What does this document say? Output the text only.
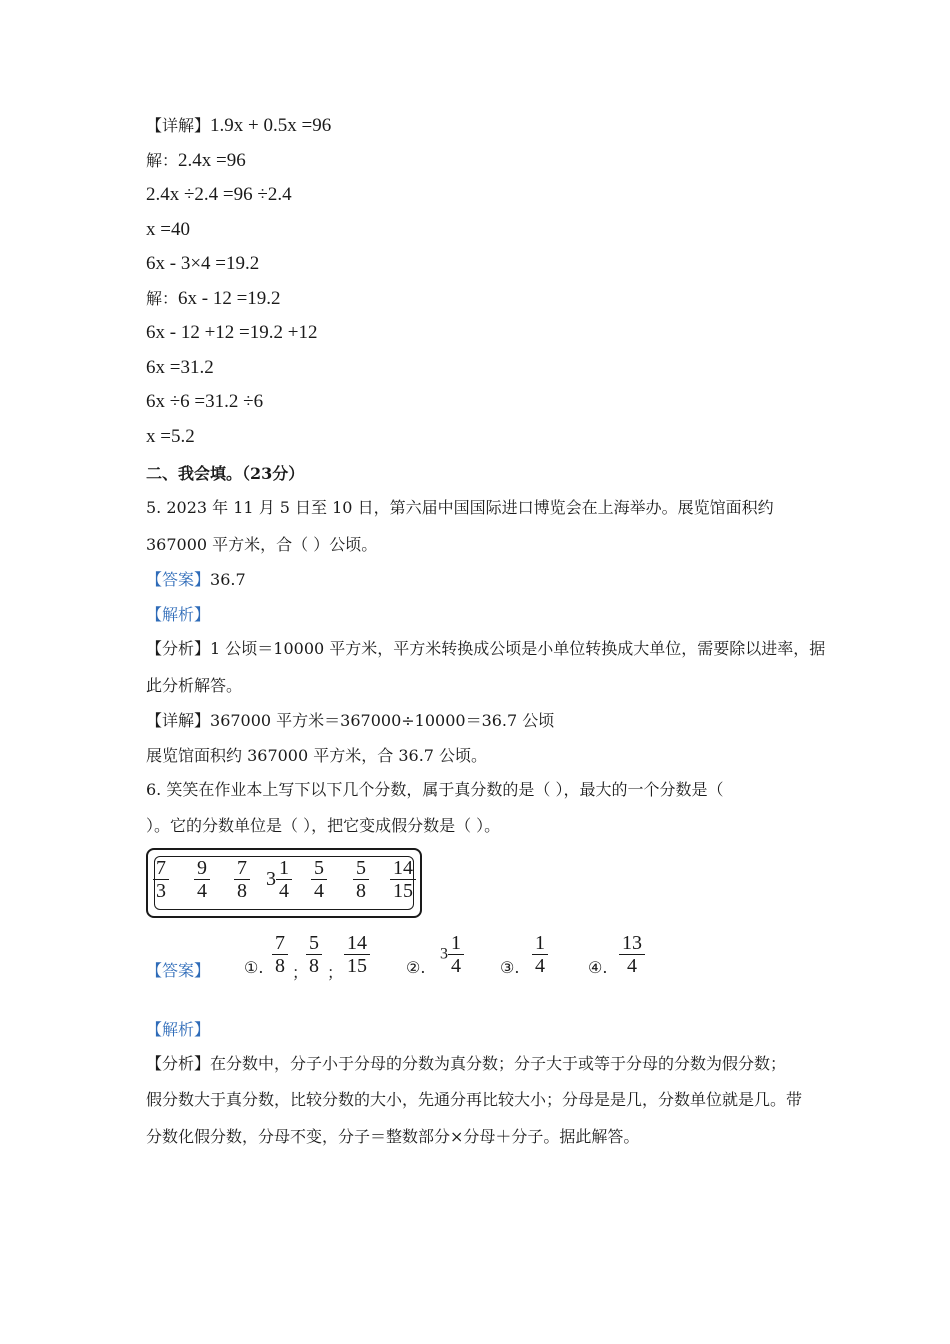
【详解】1.9x + 0.5x =96
解：2.4x =96
2.4x ÷2.4 =96 ÷2.4
x =40
6x - 3×4 =19.2
解：6x - 12 =19.2
6x - 12 +12 =19.2 +12
6x =31.2
6x ÷6 =31.2 ÷6
x =5.2
二、我会填。（23分）
5. 2023 年 11 月 5 日至 10 日，第六届中国国际进口博览会在上海举办。展览馆面积约
367000 平方米，合（ ）公顷。
【答案】36.7
【解析】
【分析】1 公顷＝10000 平方米，平方米转换成公顷是小单位转换成大单位，需要除以进率，据
此分析解答。
【详解】367000 平方米＝367000÷10000＝36.7 公顷
展览馆面积约 367000 平方米，合 36.7 公顷。
6. 笑笑在作业本上写下以下几个分数，属于真分数的是（ ），最大的一个分数是（
）。它的分数单位是（ ），把它变成假分数是（ ）。
$\frac{7}{3} \frac{9}{4} \frac{7}{8} 3 \frac{1}{4} \frac{5}{4} \frac{5}{8} \frac{14}{15}$
【答案】 ①. $\frac{7}{8}$ ；
$\frac{5}{8}$ ； $\frac{14}{15}$ ②.
$3 \frac{1}{4}$ ③. $\frac{1}{4}$	④. $\frac{13}{4}$
【解析】
【分析】在分数中，分子小于分母的分数为真分数；分子大于或等于分母的分数为假分数；
假分数大于真分数，比较分数的大小，先通分再比较大小；分母是是几，分数单位就是几。带
分数化假分数，分母不变，分子＝整数部分×分母＋分子。据此解答。
